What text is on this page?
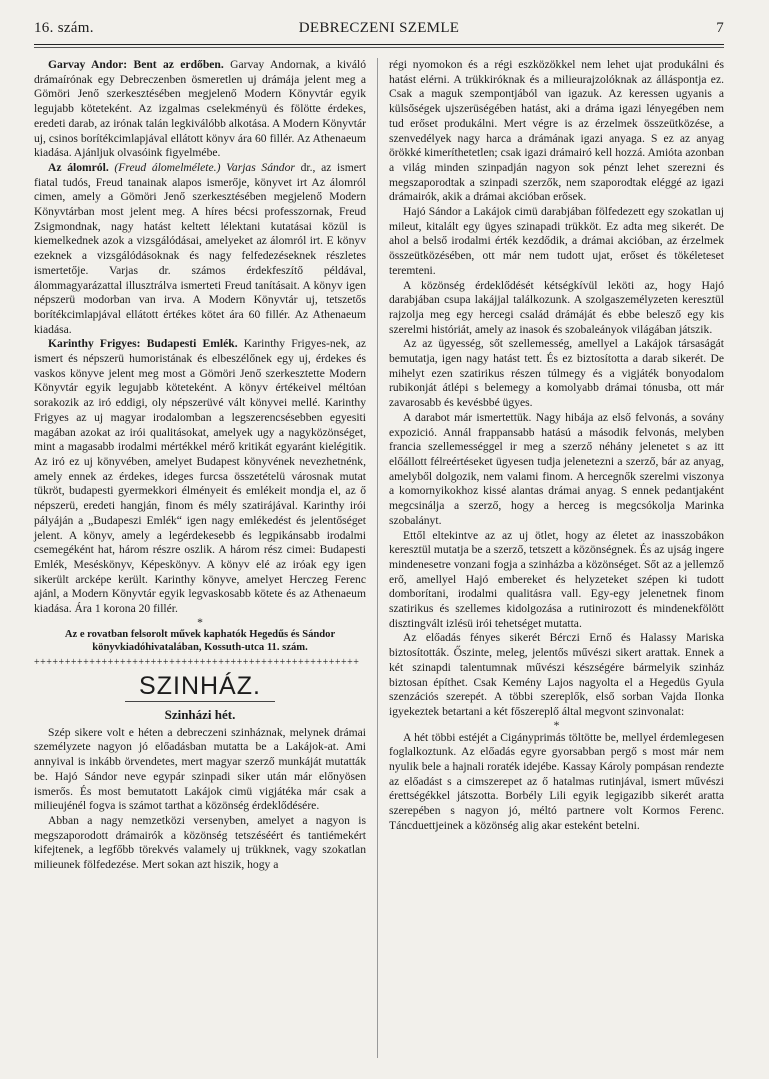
16. szám.	DEBRECZENI SZEMLE	7

Garvay Andor: Bent az erdőben. Garvay Andornak, a kiváló drámaírónak egy Debreczenben ösmeretlen uj drámája jelent meg a Gömöri Jenő szerkesztésében megjelenő Modern Könyvtár egyik legujabb köteteként. Az izgalmas cselekményü és fölötte érdekes, eredeti darab, az irónak talán legkiválóbb alkotása. A Modern Könyvtár uj, csinos borítékcimlapjával ellátott könyv ára 60 fillér. Az Athenaeum kiadása. Ajánljuk olvasóink figyelmébe.

Az álomról. (Freud álomelmélete.) Varjas Sándor dr., az ismert fiatal tudós, Freud tanainak alapos ismerője, könyvet irt Az álomról cimen, amely a Gömöri Jenő szerkesztésében megjelenő Modern Könyvtárban most jelent meg. A híres bécsi professzornak, Freud Zsigmondnak, nagy hatást keltett lélektani kutatásai közül is kiemelkednek azok a vizsgálódásai, amelyeket az álomról irt. E könyv ezeknek a vizsgálódásoknak és nagy felfedezéseknek részletes ismertetője. Varjas dr. számos érdekfeszítő példával, álommagyarázattal illusztrálva ismerteti Freud tanításait. A könyv igen népszerü modorban van irva. A Modern Könyvtár uj, tetszetős borítékcimlapjával ellátott értékes kötet ára 60 fillér. Az Athenaeum kiadása.

Karinthy Frigyes: Budapesti Emlék. Karinthy Frigyes-nek, az ismert és népszerü humoristának és elbeszélőnek egy uj, érdekes és vaskos könyve jelent meg most a Gömöri Jenő szerkesztette Modern Könyvtár egyik legujabb köteteként. A könyv értékeivel méltóan sorakozik az iró eddigi, oly népszerüvé vált könyvei mellé. Karinthy Frigyes az uj magyar irodalomban a legszerencsésebben egyesiti magában azokat az irói qualitásokat, amelyek ugy a nagyközönséget, mint a magasabb irodalmi mértékkel mérő kritikát egyaránt kielégitik. Az iró ez uj könyvében, amelyet Budapest könyvének nevezhetnénk, amely ennek az érdekes, ideges furcsa összetételü városnak mutat tükröt, budapesti gyermekkori élményeit és emlékeit mondja el, az ő népszerü, eredeti hangján, finom és mély szatirájával. Karinthy irói pályáján a „Budapeszi Emlék“ igen nagy emlékedést és jelentőséget jelent. A könyv, amely a legérdekesebb és legpikánsabb irodalmi csemegéként hat, három részre oszlik. A három rész cimei: Budapesti Emlék, Meséskönyv, Képeskönyv. A könyv elé az iróak egy igen sikerült arcképe került. Karinthy könyve, amelyet Herczeg Ferenc ajánl, a Modern Könyvtár egyik legvaskosabb kötete és az Athenaeum kiadása. Ára 1 korona 20 fillér.

*

Az e rovatban felsorolt művek kaphatók Hegedűs és Sándor könyvkiadóhivatalában, Kossuth-utca 11. szám.

+++++++++++++++++++++++++++++++++++++++++++++++++++++

SZINHÁZ.

Szinházi hét.

Szép sikere volt e héten a debreczeni szinháznak, melynek drámai személyzete nagyon jó előadásban mutatta be a Lakájok-at. Ami annyival is inkább örvendetes, mert magyar szerző munkáját mutatták be. Hajó Sándor neve egypár szinpadi siker után már előnyösen ismerős. És most bemutatott Lakájok cimü vigjátéka már csak a milieujénél fogva is számot tarthat a közönség érdeklődésére.

Abban a nagy nemzetközi versenyben, amelyet a nagyon is megszaporodott drámairók a közönség tetszéséért és tantiémekért kifejtenek, a legfőbb törekvés valamely uj trükknek, vagy szokatlan milieunek fölfedezése. Mert sokan azt hiszik, hogy a

régi nyomokon és a régi eszközökkel nem lehet ujat produkálni és hatást elérni. A trükkiróknak és a milieurajzolóknak az álláspontja ez. Csak a maguk szempontjából van igazuk. Az keressen ugyanis a külsőségek ujszerüségében hatást, aki a dráma igazi lényegében nem tud erőset produkálni. Mert végre is az érzelmek összeütközése, a szenvedélyek nagy harca a drámának igazi anyaga. S ez az anyag örökké kimeríthetetlen; csak igazi drámairó kell hozzá. Amióta azonban a világ minden szinpadján nagyon sok pénzt lehet szerezni és megszaporodtak a szinpadi szerzők, nem szaporodtak eléggé az igazi drámairók, akik a drámai akcióban erősek.

Hajó Sándor a Lakájok cimü darabjában fölfedezett egy szokatlan uj mileut, kitalált egy ügyes szinapadi trükköt. Ez adta meg sikerét. De ahol a belső irodalmi érték kezdődik, a drámai akcióban, az érzelmek összeütközésében, ott már nem tudott ujat, erőset és tökéleteset teremteni.

A közönség érdeklődését kétségkívül leköti az, hogy Hajó darabjában csupa lakájjal találkozunk. A szolgaszemélyzeten keresztül rajzolja meg egy hercegi család drámáját és ebbe belesző egy kis szerelmi históriát, amely az inasok és szobaleányok világában játszik.

Az az ügyesség, sőt szellemesség, amellyel a Lakájok társaságát bemutatja, igen nagy hatást tett. És ez biztosította a darab sikerét. De mihelyt ezen szatirikus részen túlmegy és a vigjáték bonyodalom rubikonját átlépi s belemegy a komolyabb drámai tónusba, ott már zavarosabb és kevésbbé ügyes.

A darabot már ismertettük. Nagy hibája az első felvonás, a sovány expozició. Annál frappansabb hatású a második felvonás, melyben francia szellemességgel ir meg a szerző néhány jelenetet s az itt előállott félreértéseket ügyesen tudja jelenetezni a szerző, bár az anyag, amelyből dolgozik, nem valami finom. A hercegnők szerelmi viszonya a komornyikokhoz kissé alantas drámai anyag. S ennek pedantjaként megcsinálja a szerző, hogy a herceg is megcsókolja Marinka szobalányt.

Ettől eltekintve az az uj ötlet, hogy az életet az inasszobákon keresztül mutatja be a szerző, tetszett a közönségnek. És az ujság ingere mindenesetre vonzani fogja a szinházba a közönséget. Sőt az a jellemző erő, amellyel Hajó embereket és helyzeteket szépen ki tudott domborítani, irodalmi qualitásra vall. Egy-egy jelenetnek finom szatirikus és szellemes kidolgozása a rutinirozott és mindenekfölött disztingvált izlésü irói tehetséget mutatta.

Az előadás fényes sikerét Bérczi Ernő és Halassy Mariska biztosították. Őszinte, meleg, jelentős művészi sikert arattak. Ennek a két szinapdi talentumnak művészi készségére bármelyik szinház biztosan építhet. Csak Kemény Lajos nagyolta el a Hegedüs Gyula szenzációs szerepét. A többi szereplők, első sorban Vajda Ilonka igyekeztek betartani a két főszereplő által megvont szinvonalat:

*

A hét többi estéjét a Cigányprimás töltötte be, mellyel érdemlegesen foglalkoztunk. Az előadás egyre gyorsabban pergő s most már nem nyulik bele a hajnali roraték idejébe. Kassay Károly pompásan rendezte az előadást s a cimszerepet az ő hatalmas rutinjával, ismert művészi érettségékkel játszotta. Borbély Lili egyik legigazibb sikerét aratta szerepében s nagyon jó, méltó partnere volt Kormos Ferenc. Táncduettjeinek a közönség alig akar esteként betelni.
